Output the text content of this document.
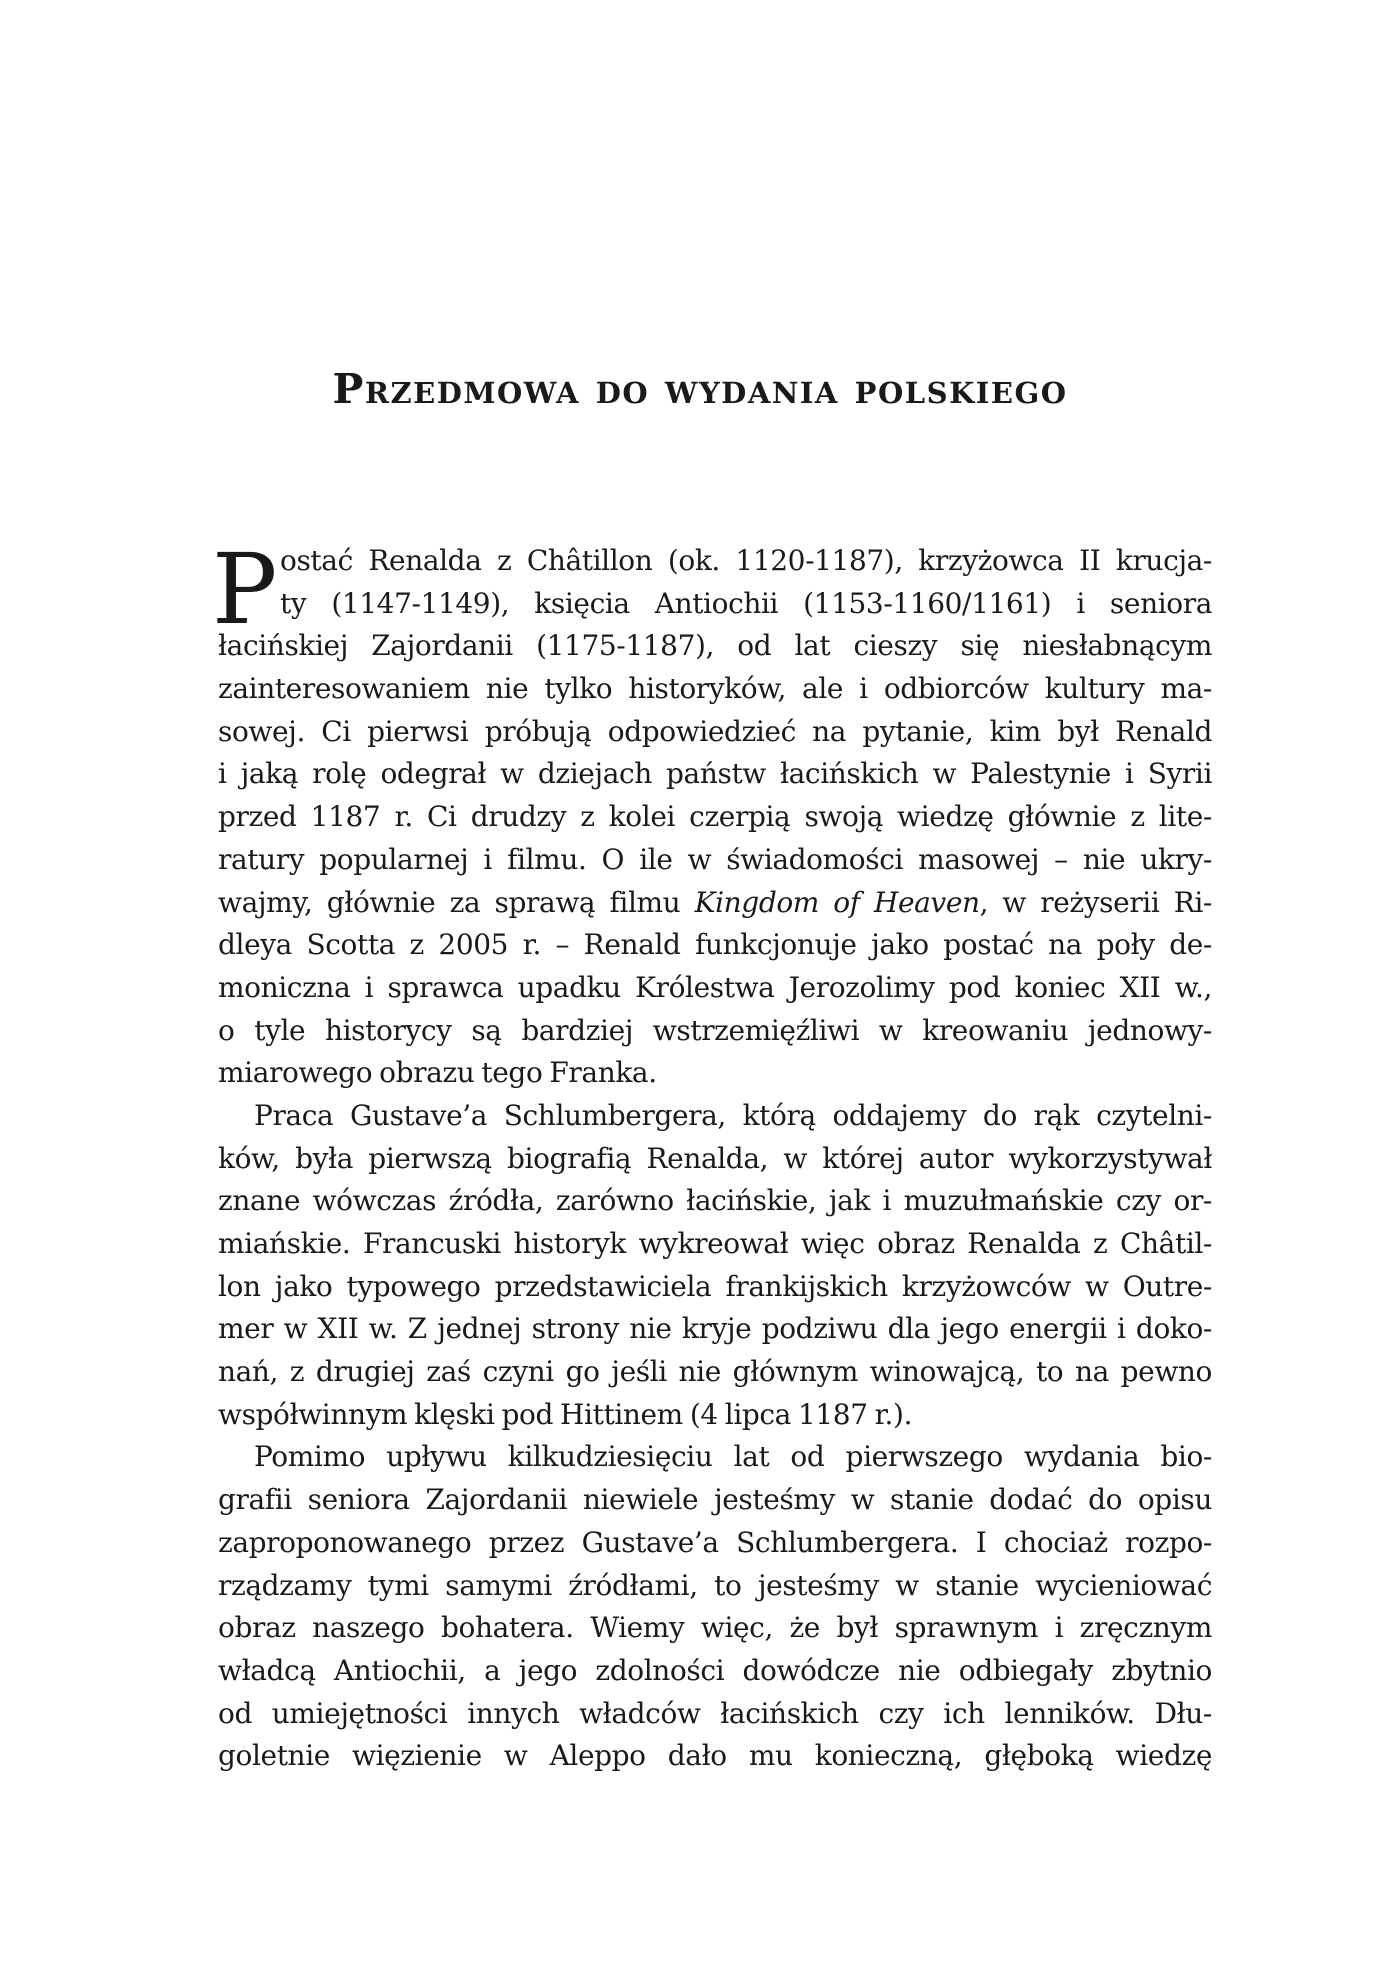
Przedmowa do wydania polskiego
P ostać Renalda z Châtillon (ok. 1120-1187), krzyżowca II krucja-
ty (1147-1149), księcia Antiochii (1153-1160/1161) i seniora
łacińskiej Zajordanii (1175-1187), od lat cieszy się niesłabnącym
zainteresowaniem nie tylko historyków, ale i odbiorców kultury ma-
sowej. Ci pierwsi próbują odpowiedzieć na pytanie, kim był Renald
i jaką rolę odegrał w dziejach państw łacińskich w Palestynie i Syrii
przed 1187 r. Ci drudzy z kolei czerpią swoją wiedzę głównie z lite-
ratury popularnej i filmu. O ile w świadomości masowej – nie ukry-
wajmy, głównie za sprawą filmu Kingdom of Heaven, w reżyserii Ri-
dleya Scotta z 2005 r. – Renald funkcjonuje jako postać na poły de-
moniczna i sprawca upadku Królestwa Jerozolimy pod koniec XII w.,
o tyle historycy są bardziej wstrzemięźliwi w kreowaniu jednowy-
miarowego obrazu tego Franka.
Praca Gustave’a Schlumbergera, którą oddajemy do rąk czytelni-
ków, była pierwszą biografią Renalda, w której autor wykorzystywał
znane wówczas źródła, zarówno łacińskie, jak i muzułmańskie czy or-
miańskie. Francuski historyk wykreował więc obraz Renalda z Châtil-
lon jako typowego przedstawiciela frankijskich krzyżowców w Outre-
mer w XII w. Z jednej strony nie kryje podziwu dla jego energii i doko-
nań, z drugiej zaś czyni go jeśli nie głównym winowajcą, to na pewno
współwinnym klęski pod Hittinem (4 lipca 1187 r.).
Pomimo upływu kilkudziesięciu lat od pierwszego wydania bio-
grafii seniora Zajordanii niewiele jesteśmy w stanie dodać do opisu
zaproponowanego przez Gustave’a Schlumbergera. I chociaż rozpo-
rządzamy tymi samymi źródłami, to jesteśmy w stanie wycieniować
obraz naszego bohatera. Wiemy więc, że był sprawnym i zręcznym
władcą Antiochii, a jego zdolności dowódcze nie odbiegały zbytnio
od umiejętności innych władców łacińskich czy ich lenników. Dłu-
goletnie więzienie w Aleppo dało mu konieczną, głęboką wiedzę
